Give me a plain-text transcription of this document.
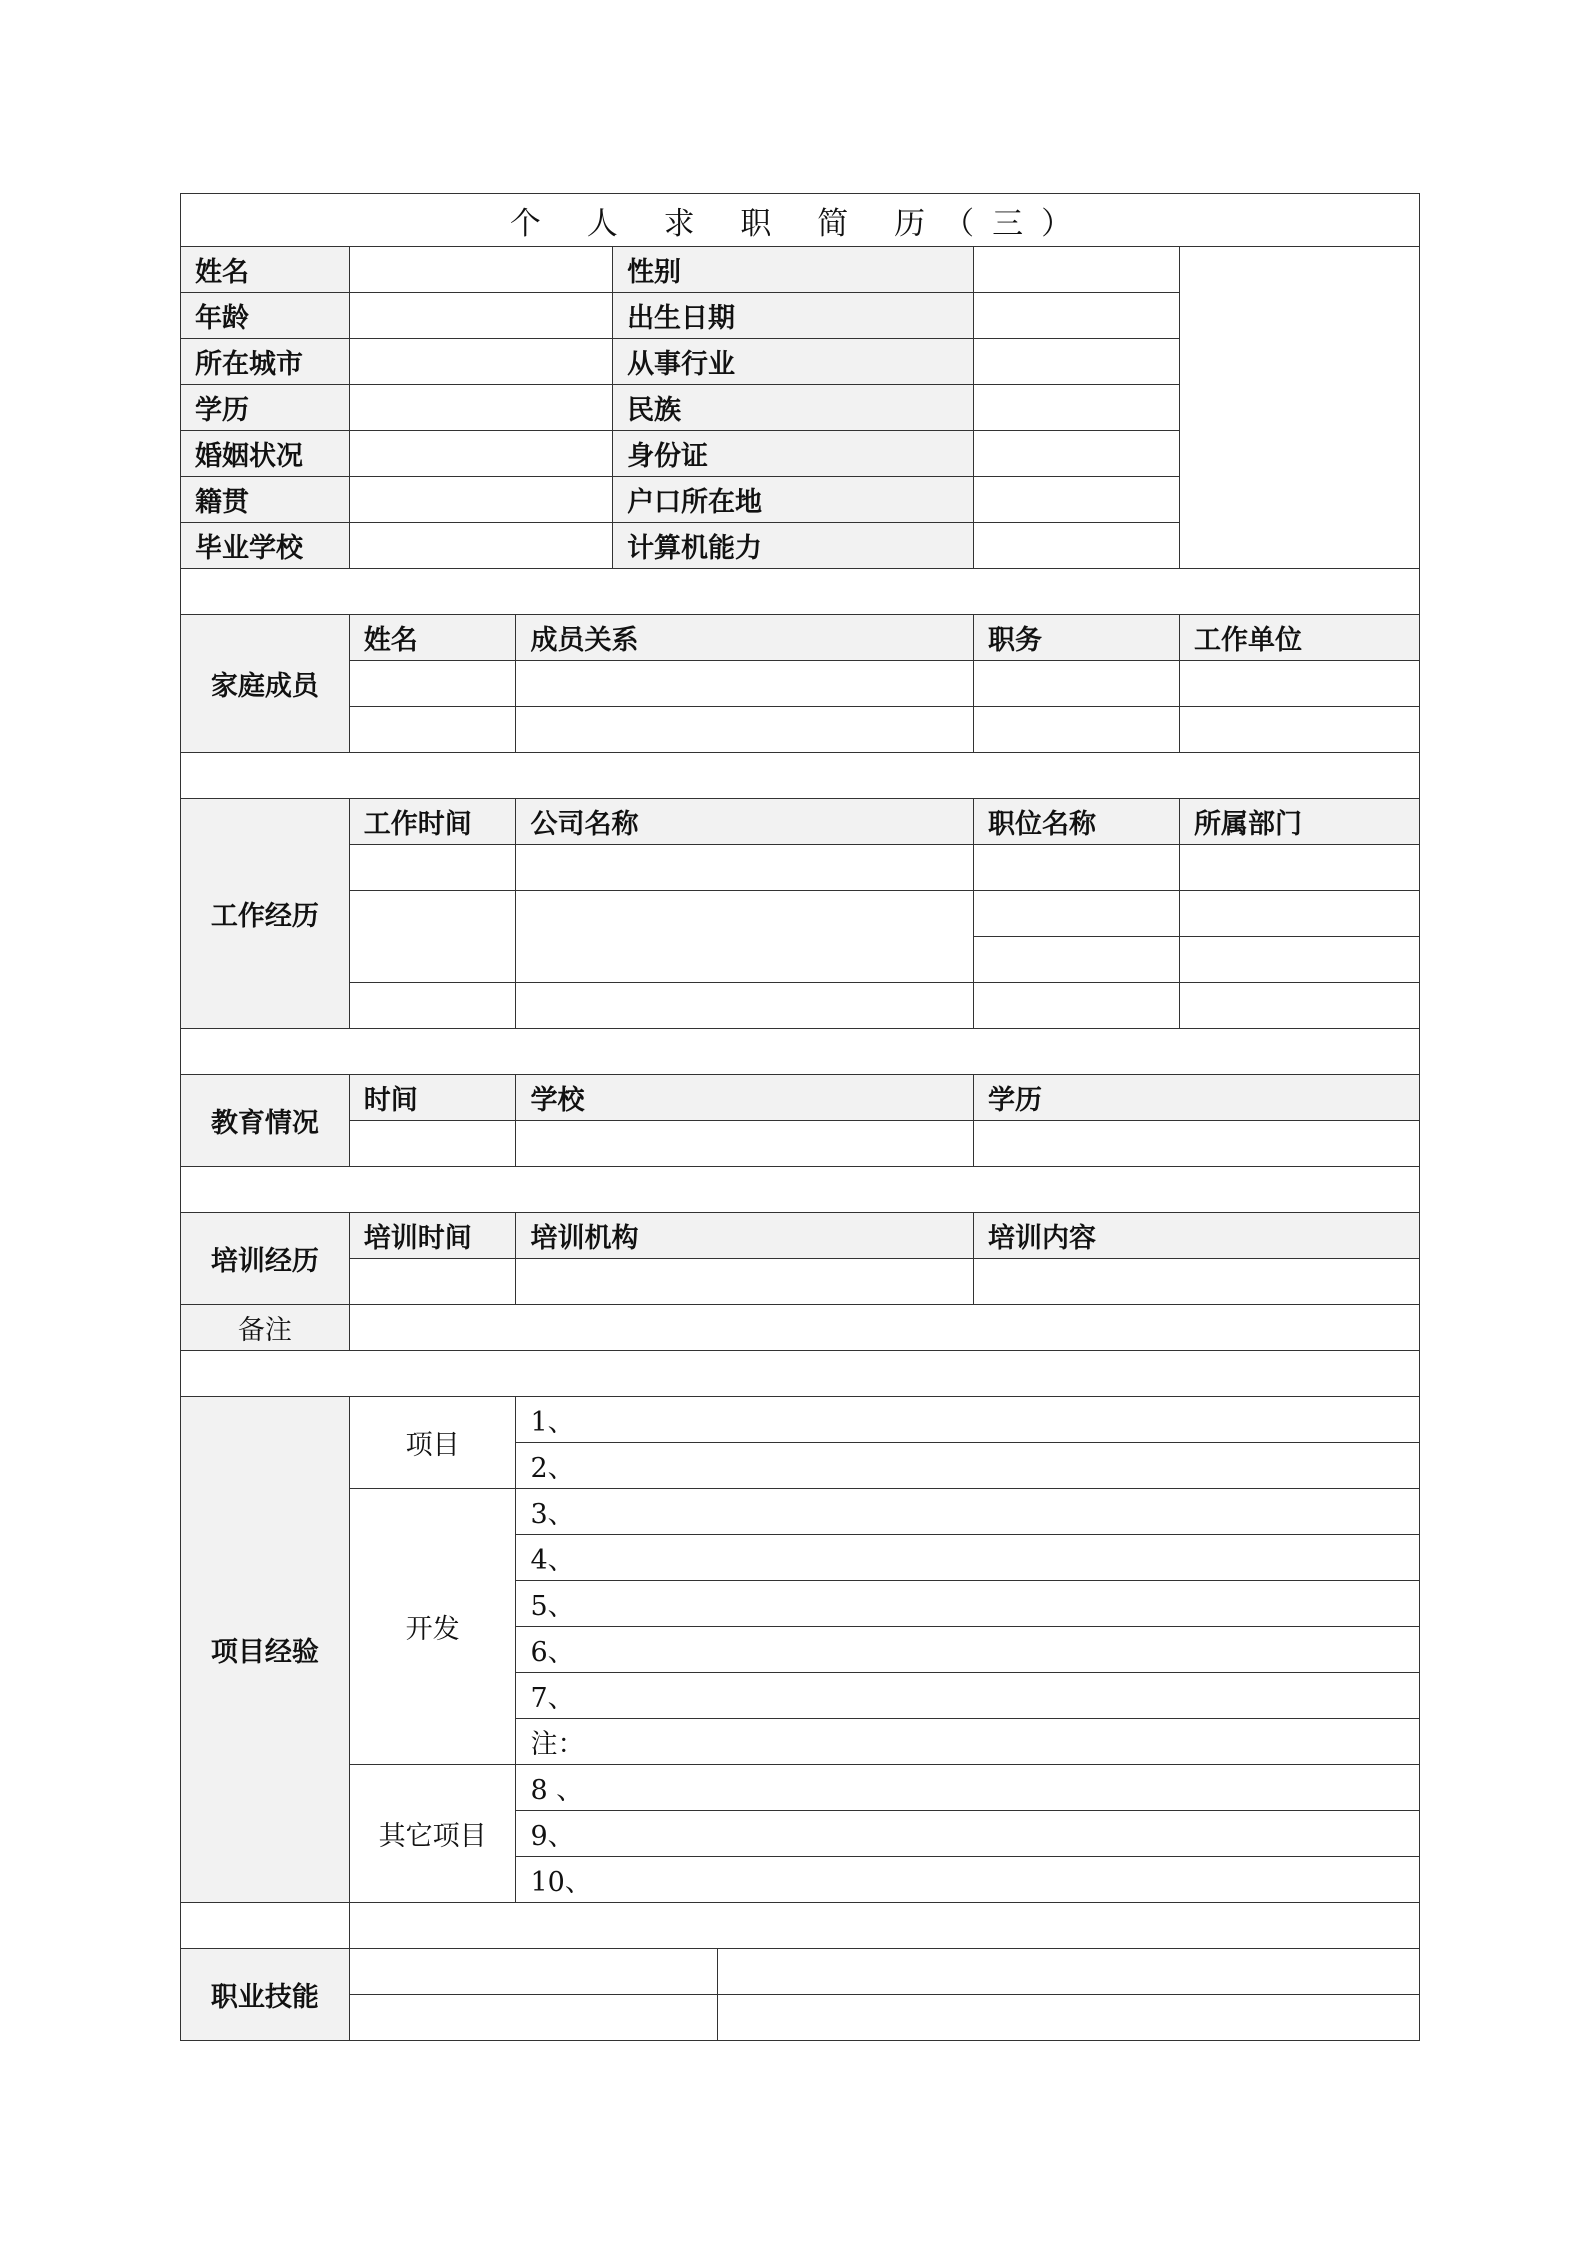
个 人 求 职 简 历（三）						
姓名			性别			
年龄			出生日期			
所在城市			从事行业			
学历			民族			
婚姻状况			身份证			
籍贯			户口所在地			
毕业学校			计算机能力			

家庭成员	姓名	成员关系			职务	工作单位

工作经历	工作时间	公司名称			职位名称	所属部门

教育情况	时间	学校			学历	

培训经历	培训时间	培训机构			培训内容	

备注						

项目经验	项目	1、				
		2、				
	开发	3、				
		4、				
		5、				
		6、				
		7、				
		注：				
	其它项目	8 、				
		9、				
		10、				

职业技能						
